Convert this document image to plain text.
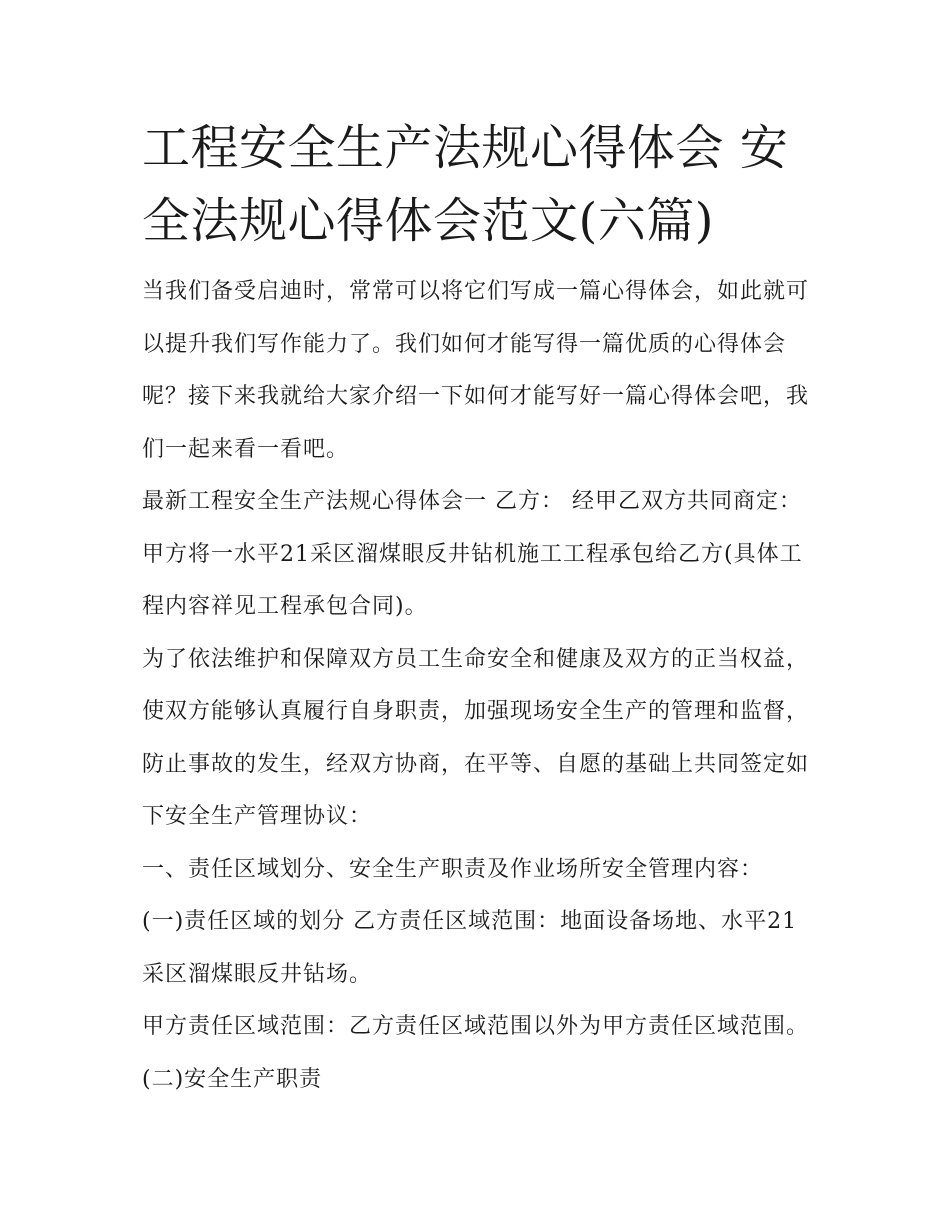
工程安全生产法规心得体会 安全法规心得体会范文(六篇)

当我们备受启迪时，常常可以将它们写成一篇心得体会，如此就可以提升我们写作能力了。我们如何才能写得一篇优质的心得体会呢？接下来我就给大家介绍一下如何才能写好一篇心得体会吧，我们一起来看一看吧。

最新工程安全生产法规心得体会一 乙方： 经甲乙双方共同商定：甲方将一水平21采区溜煤眼反井钻机施工工程承包给乙方(具体工程内容祥见工程承包合同)。

为了依法维护和保障双方员工生命安全和健康及双方的正当权益，使双方能够认真履行自身职责，加强现场安全生产的管理和监督，防止事故的发生，经双方协商，在平等、自愿的基础上共同签定如下安全生产管理协议：

一、责任区域划分、安全生产职责及作业场所安全管理内容：

(一)责任区域的划分 乙方责任区域范围：地面设备场地、水平21采区溜煤眼反井钻场。

甲方责任区域范围：乙方责任区域范围以外为甲方责任区域范围。 (二)安全生产职责
